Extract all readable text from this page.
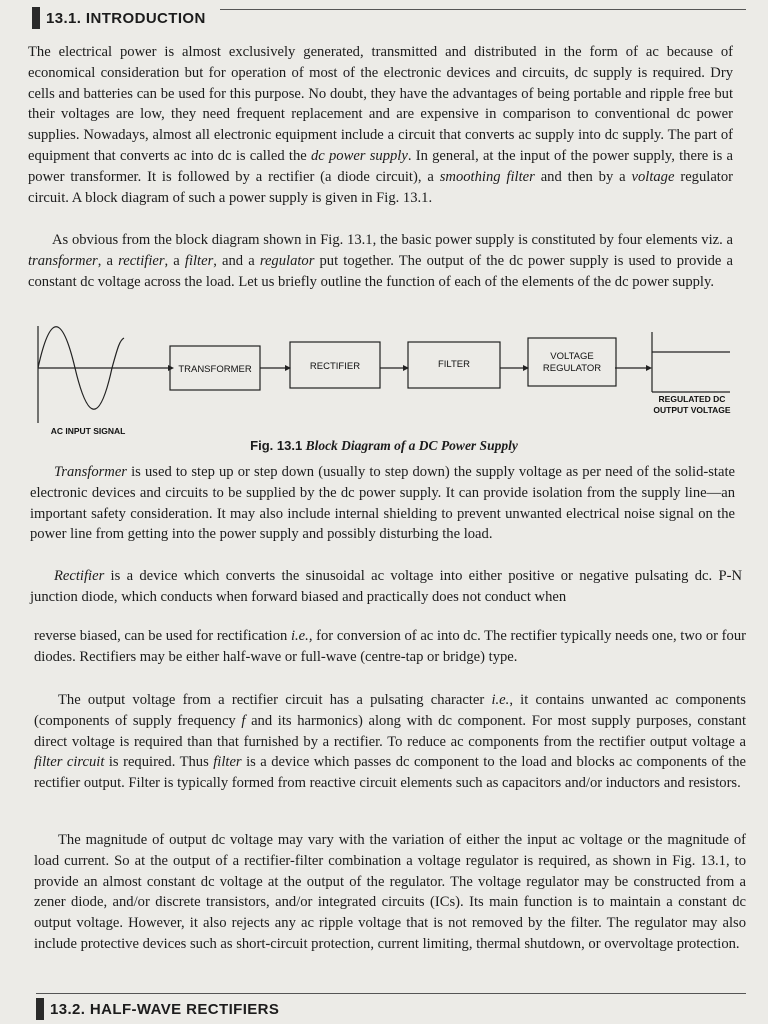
13.1. INTRODUCTION

The electrical power is almost exclusively generated, transmitted and distributed in the form of ac because of economical consideration but for operation of most of the electronic devices and circuits, dc supply is required. Dry cells and batteries can be used for this purpose. No doubt, they have the advantages of being portable and ripple free but their voltages are low, they need frequent replacement and are expensive in comparison to conventional dc power supplies. Nowadays, almost all electronic equipment include a circuit that converts ac supply into dc supply. The part of equipment that converts ac into dc is called the dc power supply. In general, at the input of the power supply, there is a power transformer. It is followed by a rectifier (a diode circuit), a smoothing filter and then by a voltage regulator circuit. A block diagram of such a power supply is given in Fig. 13.1.

As obvious from the block diagram shown in Fig. 13.1, the basic power supply is constituted by four elements viz. a transformer, a rectifier, a filter, and a regulator put together. The output of the dc power supply is used to provide a constant dc voltage across the load. Let us briefly outline the function of each of the elements of the dc power supply.

TRANSFORMER	RECTIFIER	FILTER
VOLTAGE
REGULATOR
REGULATED DC
OUTPUT VOLTAGE
AC INPUT SIGNAL
Fig. 13.1 Block Diagram of a DC Power Supply

Transformer is used to step up or step down (usually to step down) the supply voltage as per need of the solid-state electronic devices and circuits to be supplied by the dc power supply. It can provide isolation from the supply line—an important safety consideration. It may also include internal shielding to prevent unwanted electrical noise signal on the power line from getting into the power supply and possibly disturbing the load.

Rectifier is a device which converts the sinusoidal ac voltage into either positive or negative pulsating dc. P-N junction diode, which conducts when forward biased and practically does not conduct when

reverse biased, can be used for rectification i.e., for conversion of ac into dc. The rectifier typically needs one, two or four diodes. Rectifiers may be either half-wave or full-wave (centre-tap or bridge) type.

The output voltage from a rectifier circuit has a pulsating character i.e., it contains unwanted ac components (components of supply frequency f and its harmonics) along with dc component. For most supply purposes, constant direct voltage is required than that furnished by a rectifier. To reduce ac components from the rectifier output voltage a filter circuit is required. Thus filter is a device which passes dc component to the load and blocks ac components of the rectifier output. Filter is typically formed from reactive circuit elements such as capacitors and/or inductors and resistors.

The magnitude of output dc voltage may vary with the variation of either the input ac voltage or the magnitude of load current. So at the output of a rectifier-filter combination a voltage regulator is required, as shown in Fig. 13.1, to provide an almost constant dc voltage at the output of the regulator. The voltage regulator may be constructed from a zener diode, and/or discrete transistors, and/or integrated circuits (ICs). Its main function is to maintain a constant dc output voltage. However, it also rejects any ac ripple voltage that is not removed by the filter. The regulator may also include protective devices such as short-circuit protection, current limiting, thermal shutdown, or overvoltage protection.

13.2. HALF-WAVE RECTIFIERS
